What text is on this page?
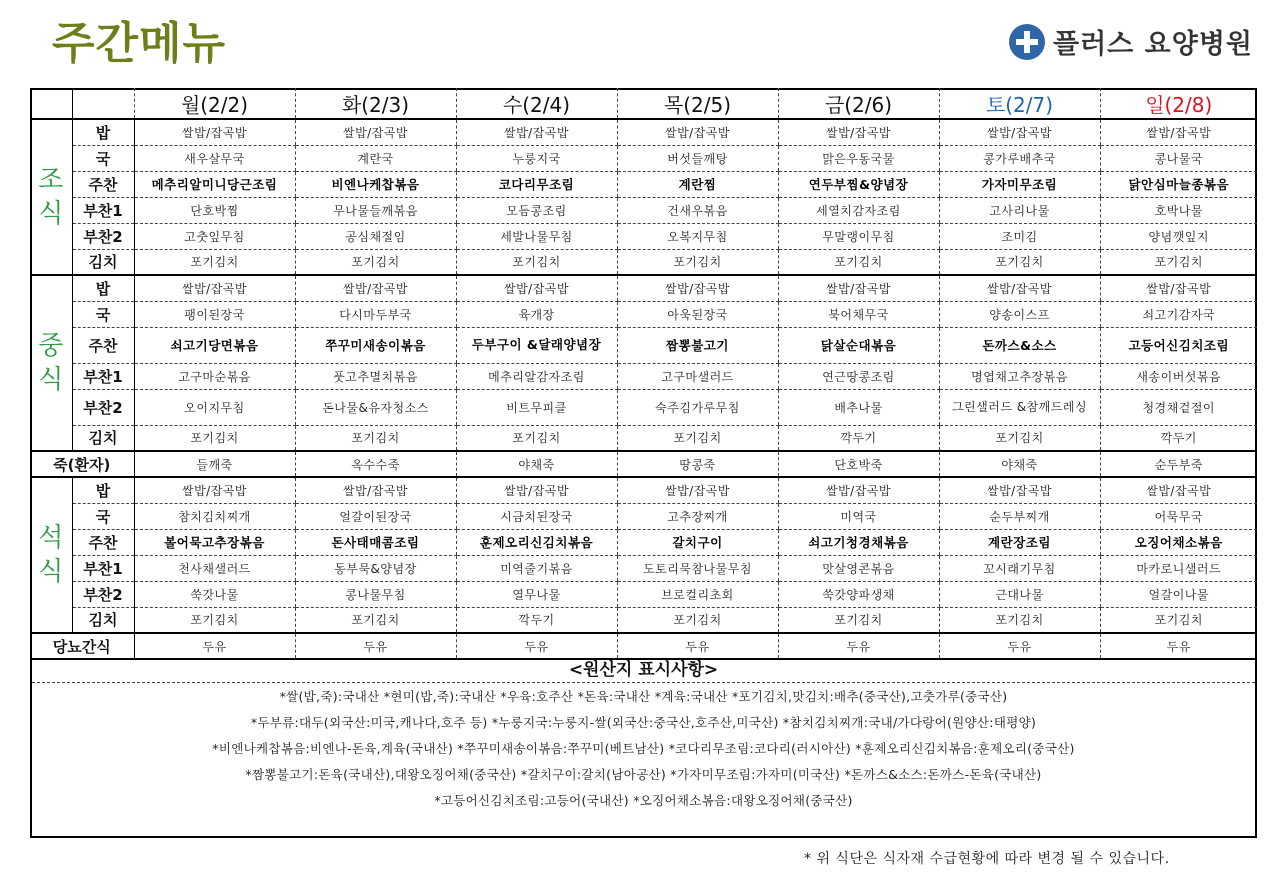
주간메뉴	플러스 요양병원
		월(2/2)	화(2/3)	수(2/4)	목(2/5)	금(2/6)	토(2/7)	일(2/8)

조
식	밥	쌀밥/잡곡밥	쌀밥/잡곡밥	쌀밥/잡곡밥	쌀밥/잡곡밥	쌀밥/잡곡밥	쌀밥/잡곡밥	쌀밥/잡곡밥
	국	새우살무국	계란국	누룽지국	버섯들깨탕	맑은우동국물	콩가루배추국	콩나물국
	주찬	메추리알미니당근조림	비엔나케찹볶음	코다리무조림	계란찜	연두부찜&양념장	가자미무조림	닭안심마늘종볶음
	부찬1	단호박찜	무나물들깨볶음	모듬콩조림	건새우볶음	세열치감자조림	고사리나물	호박나물
	부찬2	고춧잎무침	공심채절임	세발나물무침	오복지무침	무말랭이무침	조미김	양념깻잎지
	김치	포기김치	포기김치	포기김치	포기김치	포기김치	포기김치	포기김치

중
식	밥	쌀밥/잡곡밥	쌀밥/잡곡밥	쌀밥/잡곡밥	쌀밥/잡곡밥	쌀밥/잡곡밥	쌀밥/잡곡밥	쌀밥/잡곡밥
	국	팽이된장국	다시마두부국	육개장	아욱된장국	북어채무국	양송이스프	쇠고기감자국
	주찬	쇠고기당면볶음	쭈꾸미새송이볶음	두부구이 &달래양념장	짬뽕불고기	닭살순대볶음	돈까스&소스	고등어신김치조림
	부찬1	고구마순볶음	풋고추멸치볶음	메추리알감자조림	고구마샐러드	연근땅콩조림	명엽채고추장볶음	새송이버섯볶음
	부찬2	오이지무침	돈나물&유자청소스	비트무피클	숙주김가루무침	배추나물	그린샐러드 &참깨드레싱	청경채겉절이
	김치	포기김치	포기김치	포기김치	포기김치	깍두기	포기김치	깍두기
죽(환자)		들깨죽	옥수수죽	야채죽	땅콩죽	단호박죽	야채죽	순두부죽

석
식	밥	쌀밥/잡곡밥	쌀밥/잡곡밥	쌀밥/잡곡밥	쌀밥/잡곡밥	쌀밥/잡곡밥	쌀밥/잡곡밥	쌀밥/잡곡밥
	국	참치김치찌개	얼갈이된장국	시금치된장국	고추장찌개	미역국	순두부찌개	어묵무국
	주찬	볼어묵고추장볶음	돈사태매콤조림	훈제오리신김치볶음	갈치구이	쇠고기청경채볶음	계란장조림	오징어채소볶음
	부찬1	천사채샐러드	동부묵&양념장	미역줄기볶음	도토리묵참나물무침	맛살영콘볶음	꼬시래기무침	마카로니샐러드
	부찬2	쑥갓나물	콩나물무침	열무나물	브로컬리초회	쑥갓양파생채	근대나물	얼갈이나물
	김치	포기김치	포기김치	깍두기	포기김치	포기김치	포기김치	포기김치
당뇨간식		두유	두유	두유	두유	두유	두유	두유
<원산지 표시사항>
*쌀(밥,죽):국내산 *현미(밥,죽):국내산 *우육:호주산 *돈육:국내산 *계육:국내산 *포기김치,맛김치:배추(중국산),고춧가루(중국산)
*두부류:대두(외국산:미국,캐나다,호주 등) *누룽지국:누룽지-쌀(외국산:중국산,호주산,미국산) *참치김치찌개:국내/가다랑어(원양산:태평양)
*비엔나케찹볶음:비엔나-돈육,계육(국내산) *쭈꾸미새송이볶음:쭈꾸미(베트남산) *코다리무조림:코다리(러시아산) *훈제오리신김치볶음:훈제오리(중국산)
*짬뽕불고기:돈육(국내산),대왕오징어채(중국산) *갈치구이:갈치(남아공산) *가자미무조림:가자미(미국산) *돈까스&소스:돈까스-돈육(국내산)
*고등어신김치조림:고등어(국내산) *오징어채소볶음:대왕오징어채(중국산)
* 위 식단은 식자재 수급현황에 따라 변경 될 수 있습니다.
